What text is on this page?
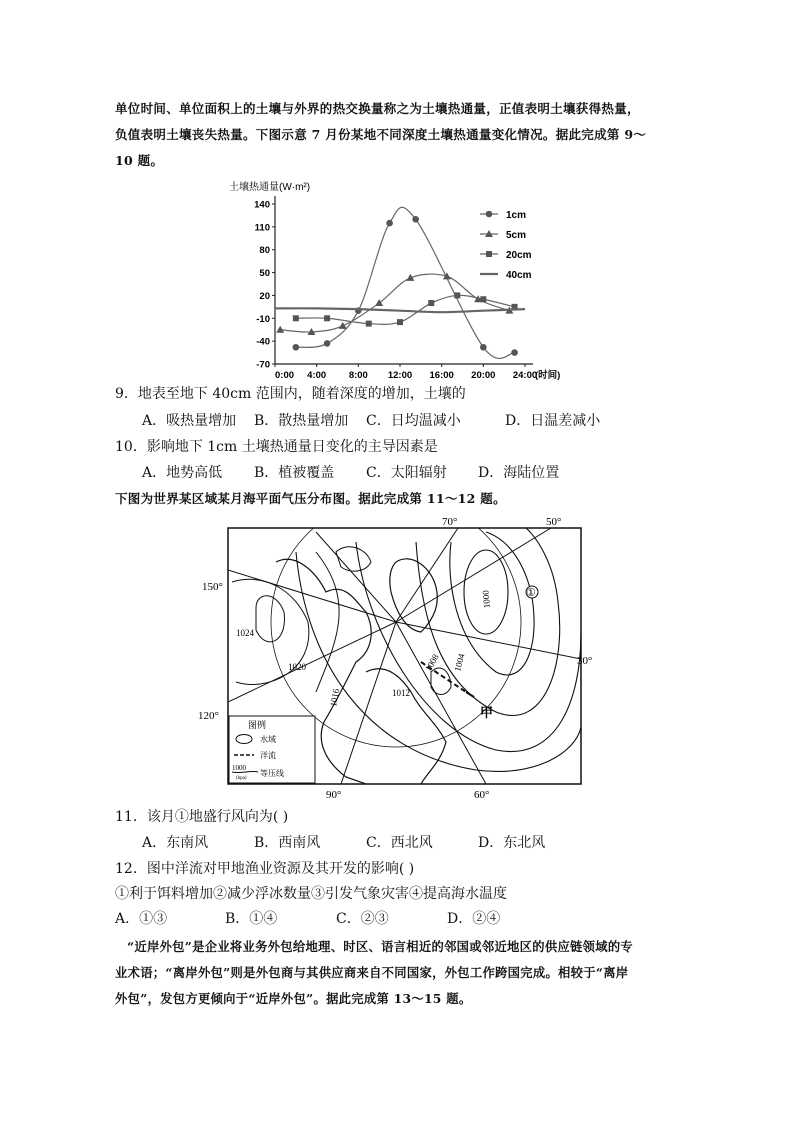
单位时间、单位面积上的土壤与外界的热交换量称之为土壤热通量，正值表明土壤获得热量，
负值表明土壤丧失热量。下图示意 7 月份某地不同深度土壤热通量变化情况。据此完成第 9～
10 题。
土壤热通量(W·m²)
140
110
80
50
20
-10
-40
-70
0:00 4:00 8:00 12:00 16:00 20:00 24:00
(时间)
1cm
5cm
20cm
40cm
9．地表至地下 40cm 范围内，随着深度的增加，土壤的
A．吸热量增加 B．散热量增加 C．日均温减小	D．日温差减小
10．影响地下 1cm 土壤热通量日变化的主导因素是
A．地势高低 B．植被覆盖 C．太阳辐射 D．海陆位置
下图为世界某区域某月海平面气压分布图。据此完成第 11～12 题。
1024
1020
1012
1016
1008 1004
1000	①
甲
70°	50°
150°
30°
120°
90°	60°
图例
水域
洋流
1000
(hpa)
等压线
11．该月①地盛行风向为( )
A．东南风	B．西南风	C．西北风	D．东北风
12．图中洋流对甲地渔业资源及其开发的影响( )
①利于饵料增加②减少浮冰数量③引发气象灾害④提高海水温度
A．①③	B．①④	C．②③	D．②④
“近岸外包”是企业将业务外包给地理、时区、语言相近的邻国或邻近地区的供应链领域的专
业术语；“离岸外包”则是外包商与其供应商来自不同国家，外包工作跨国完成。相较于“离岸
外包”，发包方更倾向于“近岸外包”。据此完成第 13～15 题。
